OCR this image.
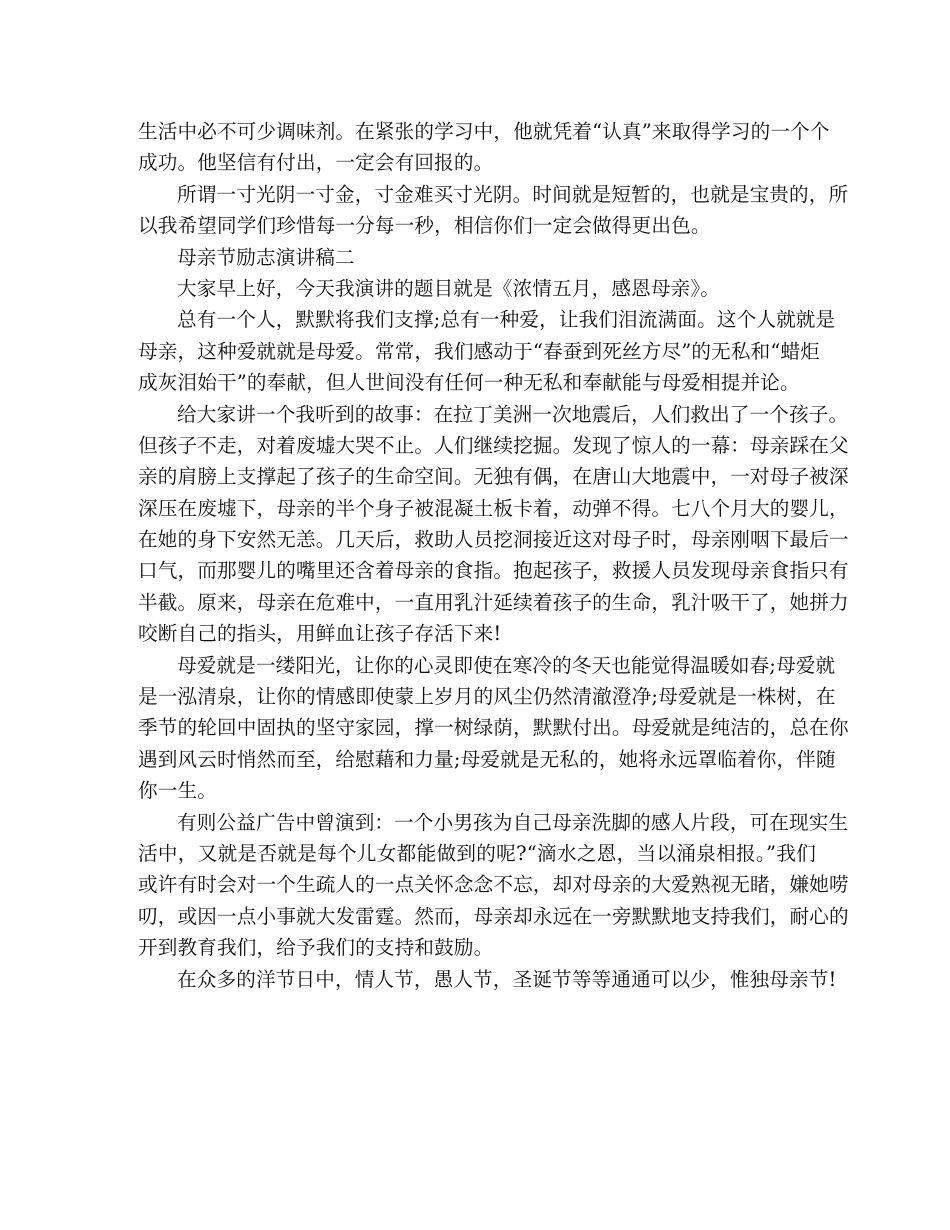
生活中必不可少调味剂。在紧张的学习中，他就凭着“认真”来取得学习的一个个
成功。他坚信有付出，一定会有回报的。
所谓一寸光阴一寸金，寸金难买寸光阴。时间就是短暂的，也就是宝贵的，所
以我希望同学们珍惜每一分每一秒，相信你们一定会做得更出色。
母亲节励志演讲稿二
大家早上好，今天我演讲的题目就是《浓情五月，感恩母亲》。
总有一个人，默默将我们支撑;总有一种爱，让我们泪流满面。这个人就就是
母亲，这种爱就就是母爱。常常，我们感动于“春蚕到死丝方尽”的无私和“蜡炬
成灰泪始干”的奉献，但人世间没有任何一种无私和奉献能与母爱相提并论。
给大家讲一个我听到的故事：在拉丁美洲一次地震后，人们救出了一个孩子。
但孩子不走，对着废墟大哭不止。人们继续挖掘。发现了惊人的一幕：母亲踩在父
亲的肩膀上支撑起了孩子的生命空间。无独有偶，在唐山大地震中，一对母子被深
深压在废墟下，母亲的半个身子被混凝土板卡着，动弹不得。七八个月大的婴儿，
在她的身下安然无恙。几天后，救助人员挖洞接近这对母子时，母亲刚咽下最后一
口气，而那婴儿的嘴里还含着母亲的食指。抱起孩子，救援人员发现母亲食指只有
半截。原来，母亲在危难中，一直用乳汁延续着孩子的生命，乳汁吸干了，她拼力
咬断自己的指头，用鲜血让孩子存活下来!
母爱就是一缕阳光，让你的心灵即使在寒冷的冬天也能觉得温暖如春;母爱就
是一泓清泉，让你的情感即使蒙上岁月的风尘仍然清澈澄净;母爱就是一株树，在
季节的轮回中固执的坚守家园，撑一树绿荫，默默付出。母爱就是纯洁的，总在你
遇到风云时悄然而至，给慰藉和力量;母爱就是无私的，她将永远罩临着你，伴随
你一生。
有则公益广告中曾演到：一个小男孩为自己母亲洗脚的感人片段，可在现实生
活中，又就是否就是每个儿女都能做到的呢?“滴水之恩，当以涌泉相报。”我们
或许有时会对一个生疏人的一点关怀念念不忘，却对母亲的大爱熟视无睹，嫌她唠
叨，或因一点小事就大发雷霆。然而，母亲却永远在一旁默默地支持我们，耐心的
开到教育我们，给予我们的支持和鼓励。
在众多的洋节日中，情人节，愚人节，圣诞节等等通通可以少，惟独母亲节!
